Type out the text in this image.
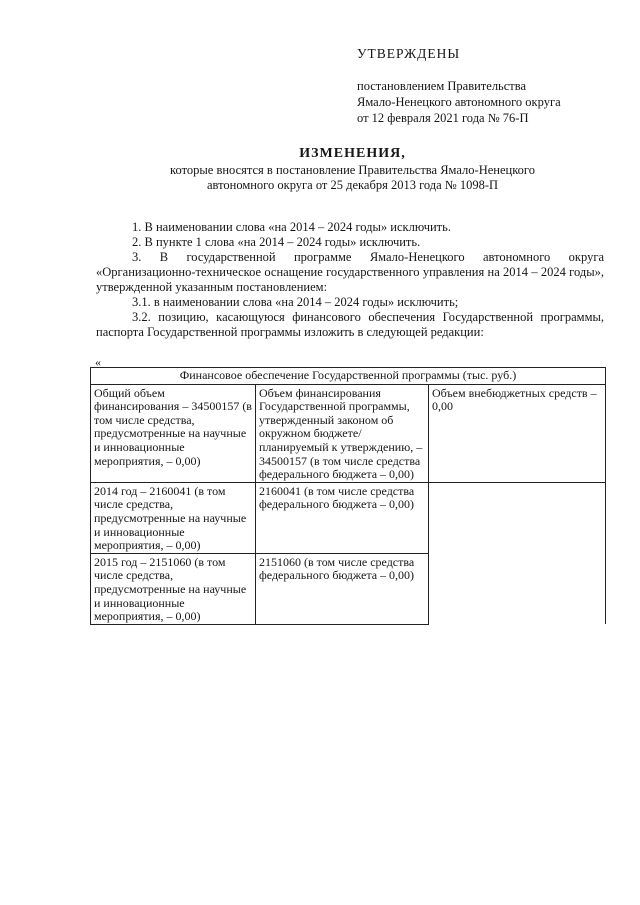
УТВЕРЖДЕНЫ
постановлением Правительства
Ямало-Ненецкого автономного округа
от 12 февраля 2021 года № 76-П
ИЗМЕНЕНИЯ,
которые вносятся в постановление Правительства Ямало-Ненецкого
автономного округа от 25 декабря 2013 года № 1098-П

1. В наименовании слова «на 2014 – 2024 годы» исключить.

2. В пункте 1 слова «на 2014 – 2024 годы» исключить.

3. В государственной программе Ямало-Ненецкого автономного округа «Организационно-техническое оснащение государственного управления на 2014 – 2024 годы», утвержденной указанным постановлением:

3.1. в наименовании слова «на 2014 – 2024 годы» исключить;

3.2. позицию, касающуюся финансового обеспечения Государственной программы, паспорта Государственной программы изложить в следующей редакции:

«
Финансовое обеспечение Государственной программы (тыс. руб.)		
Общий объем финансирования – 34500157 (в том числе средства, предусмотренные на научные и инновационные мероприятия, – 0,00)	Объем финансирования Государственной программы, утвержденный законом об окружном бюджете/планируемый к утверждению, – 34500157 (в том числе средства федерального бюджета – 0,00)	Объем внебюджетных средств – 0,00
2014 год – 2160041 (в том числе средства, предусмотренные на научные и инновационные мероприятия, – 0,00)	2160041 (в том числе средства федерального бюджета – 0,00)	
2015 год – 2151060 (в том числе средства, предусмотренные на научные и инновационные мероприятия, – 0,00)	2151060 (в том числе средства федерального бюджета – 0,00)	
